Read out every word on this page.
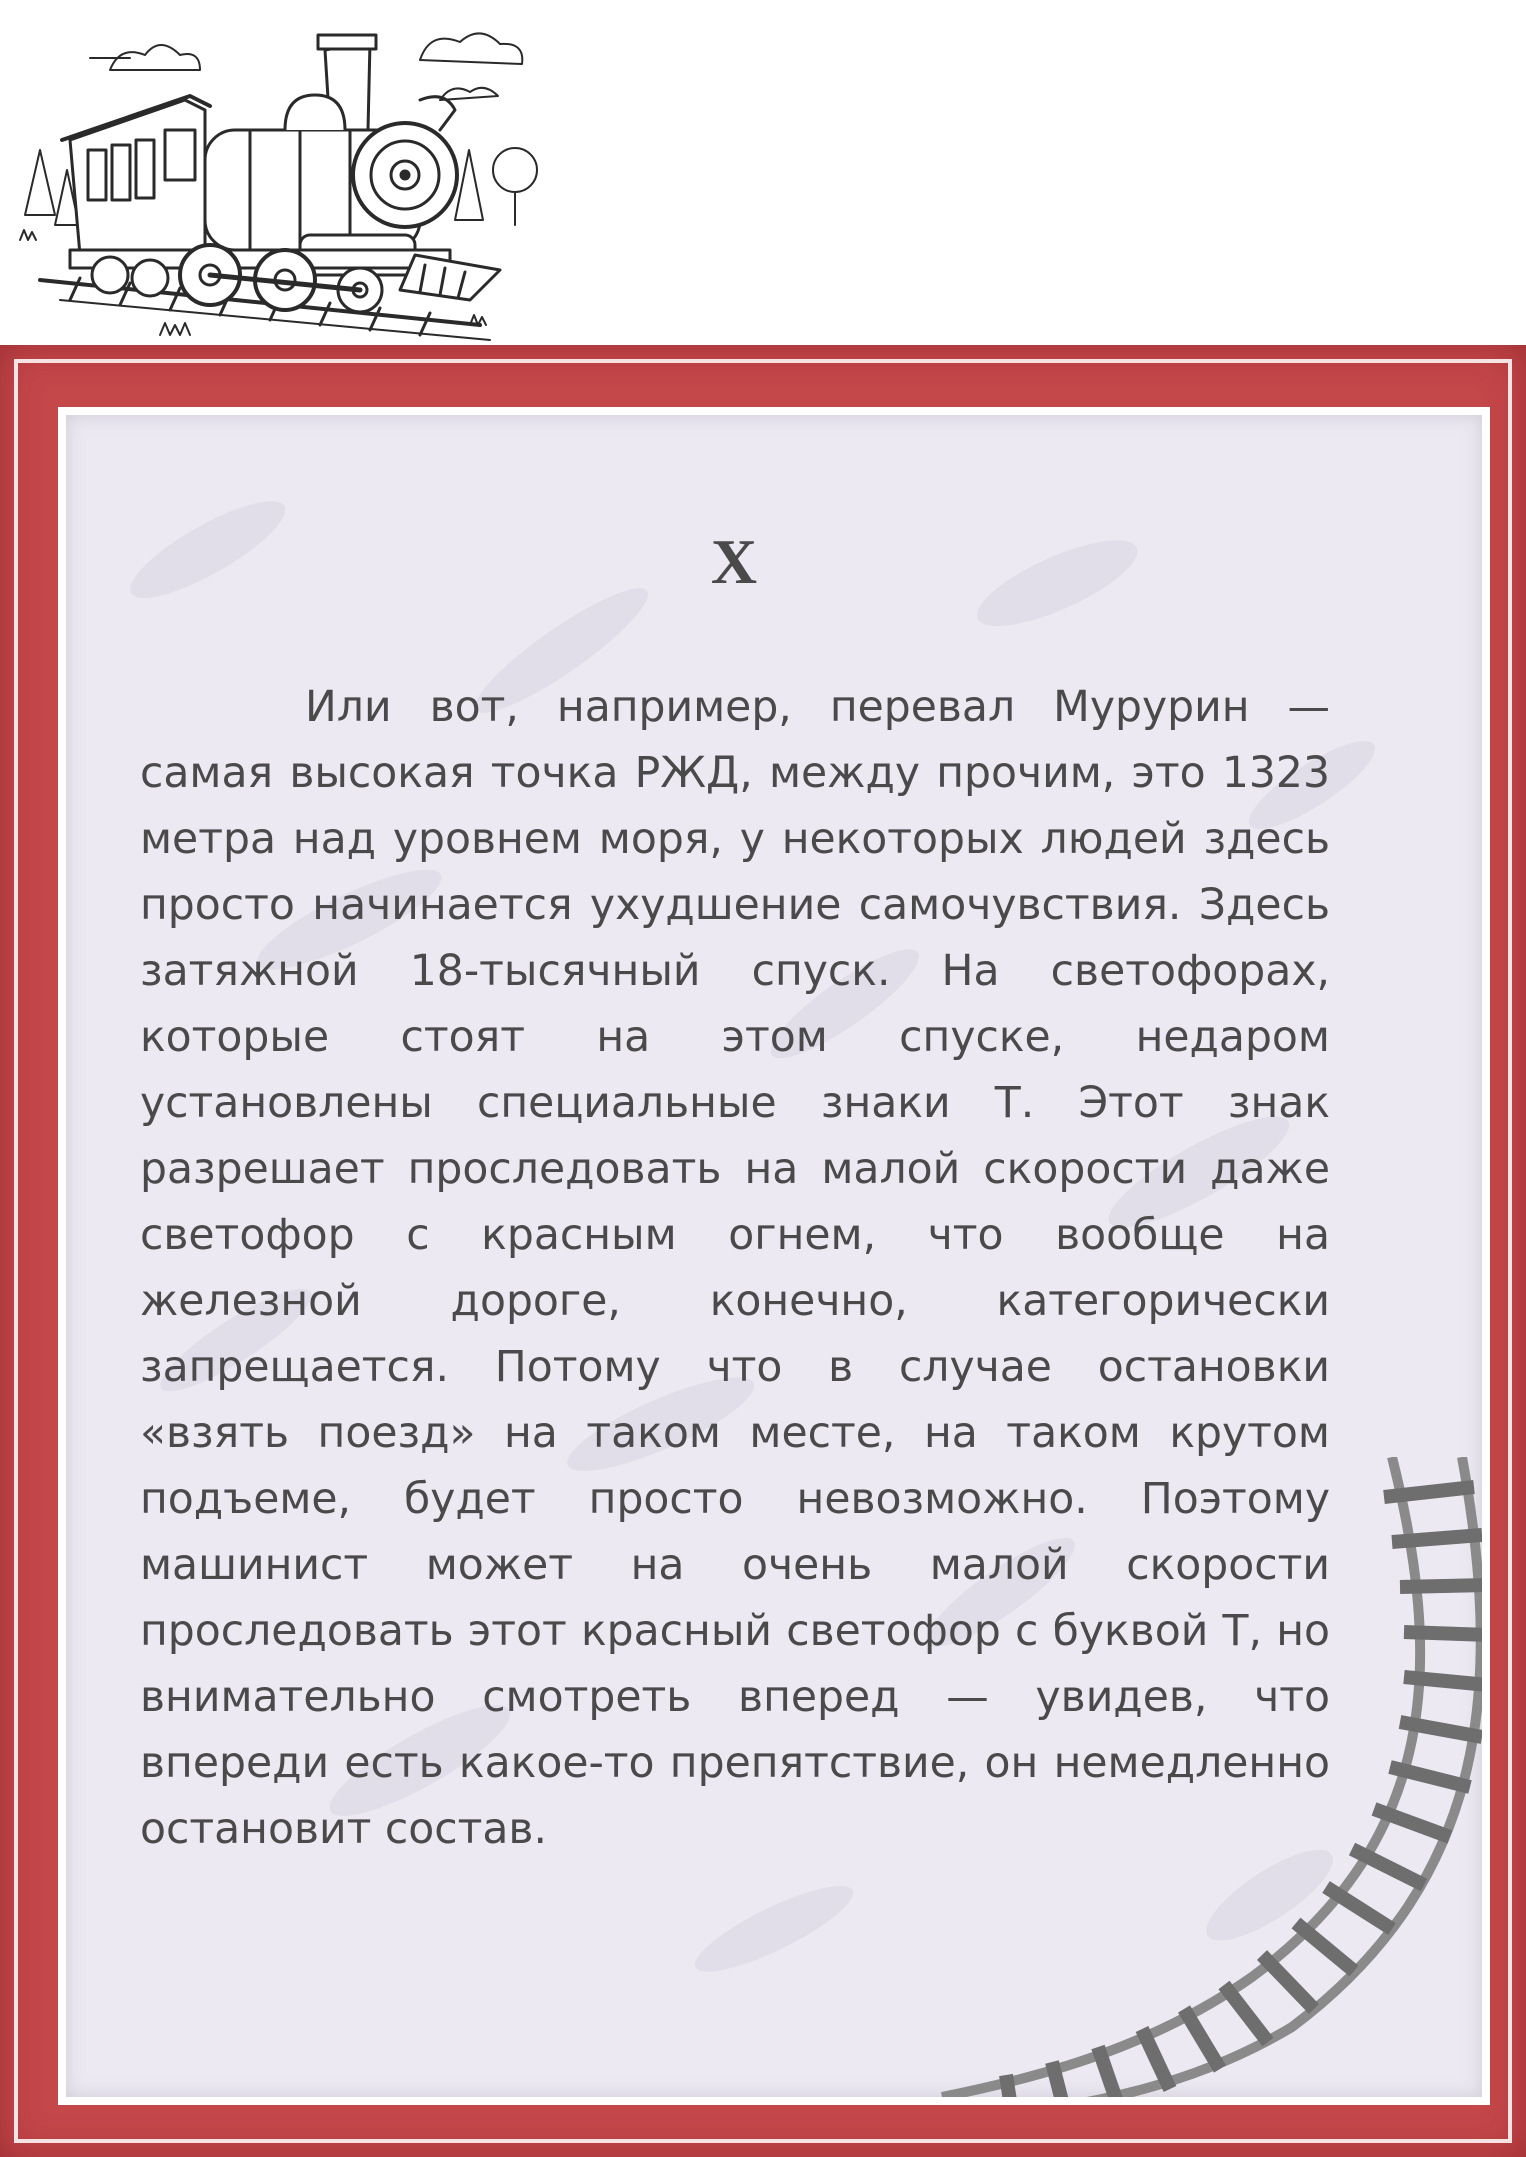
X

Или вот, например, перевал Мурурин — самая высокая точка РЖД, между прочим, это 1323 метра над уровнем моря, у некоторых людей здесь просто начинается ухудшение самочувствия. Здесь затяжной 18-тысячный спуск. На светофорах, которые стоят на этом спуске, недаром установлены специальные знаки Т. Этот знак разрешает проследовать на малой скорости даже светофор с красным огнем, что вообще на железной дороге, конечно, категорически запрещается. Потому что в случае остановки «взять поезд» на таком месте, на таком крутом подъеме, будет просто невозможно. Поэтому машинист может на очень малой скорости проследовать этот красный светофор с буквой Т, но внимательно смотреть вперед — увидев, что впереди есть какое-то препятствие, он немедленно остановит состав.
